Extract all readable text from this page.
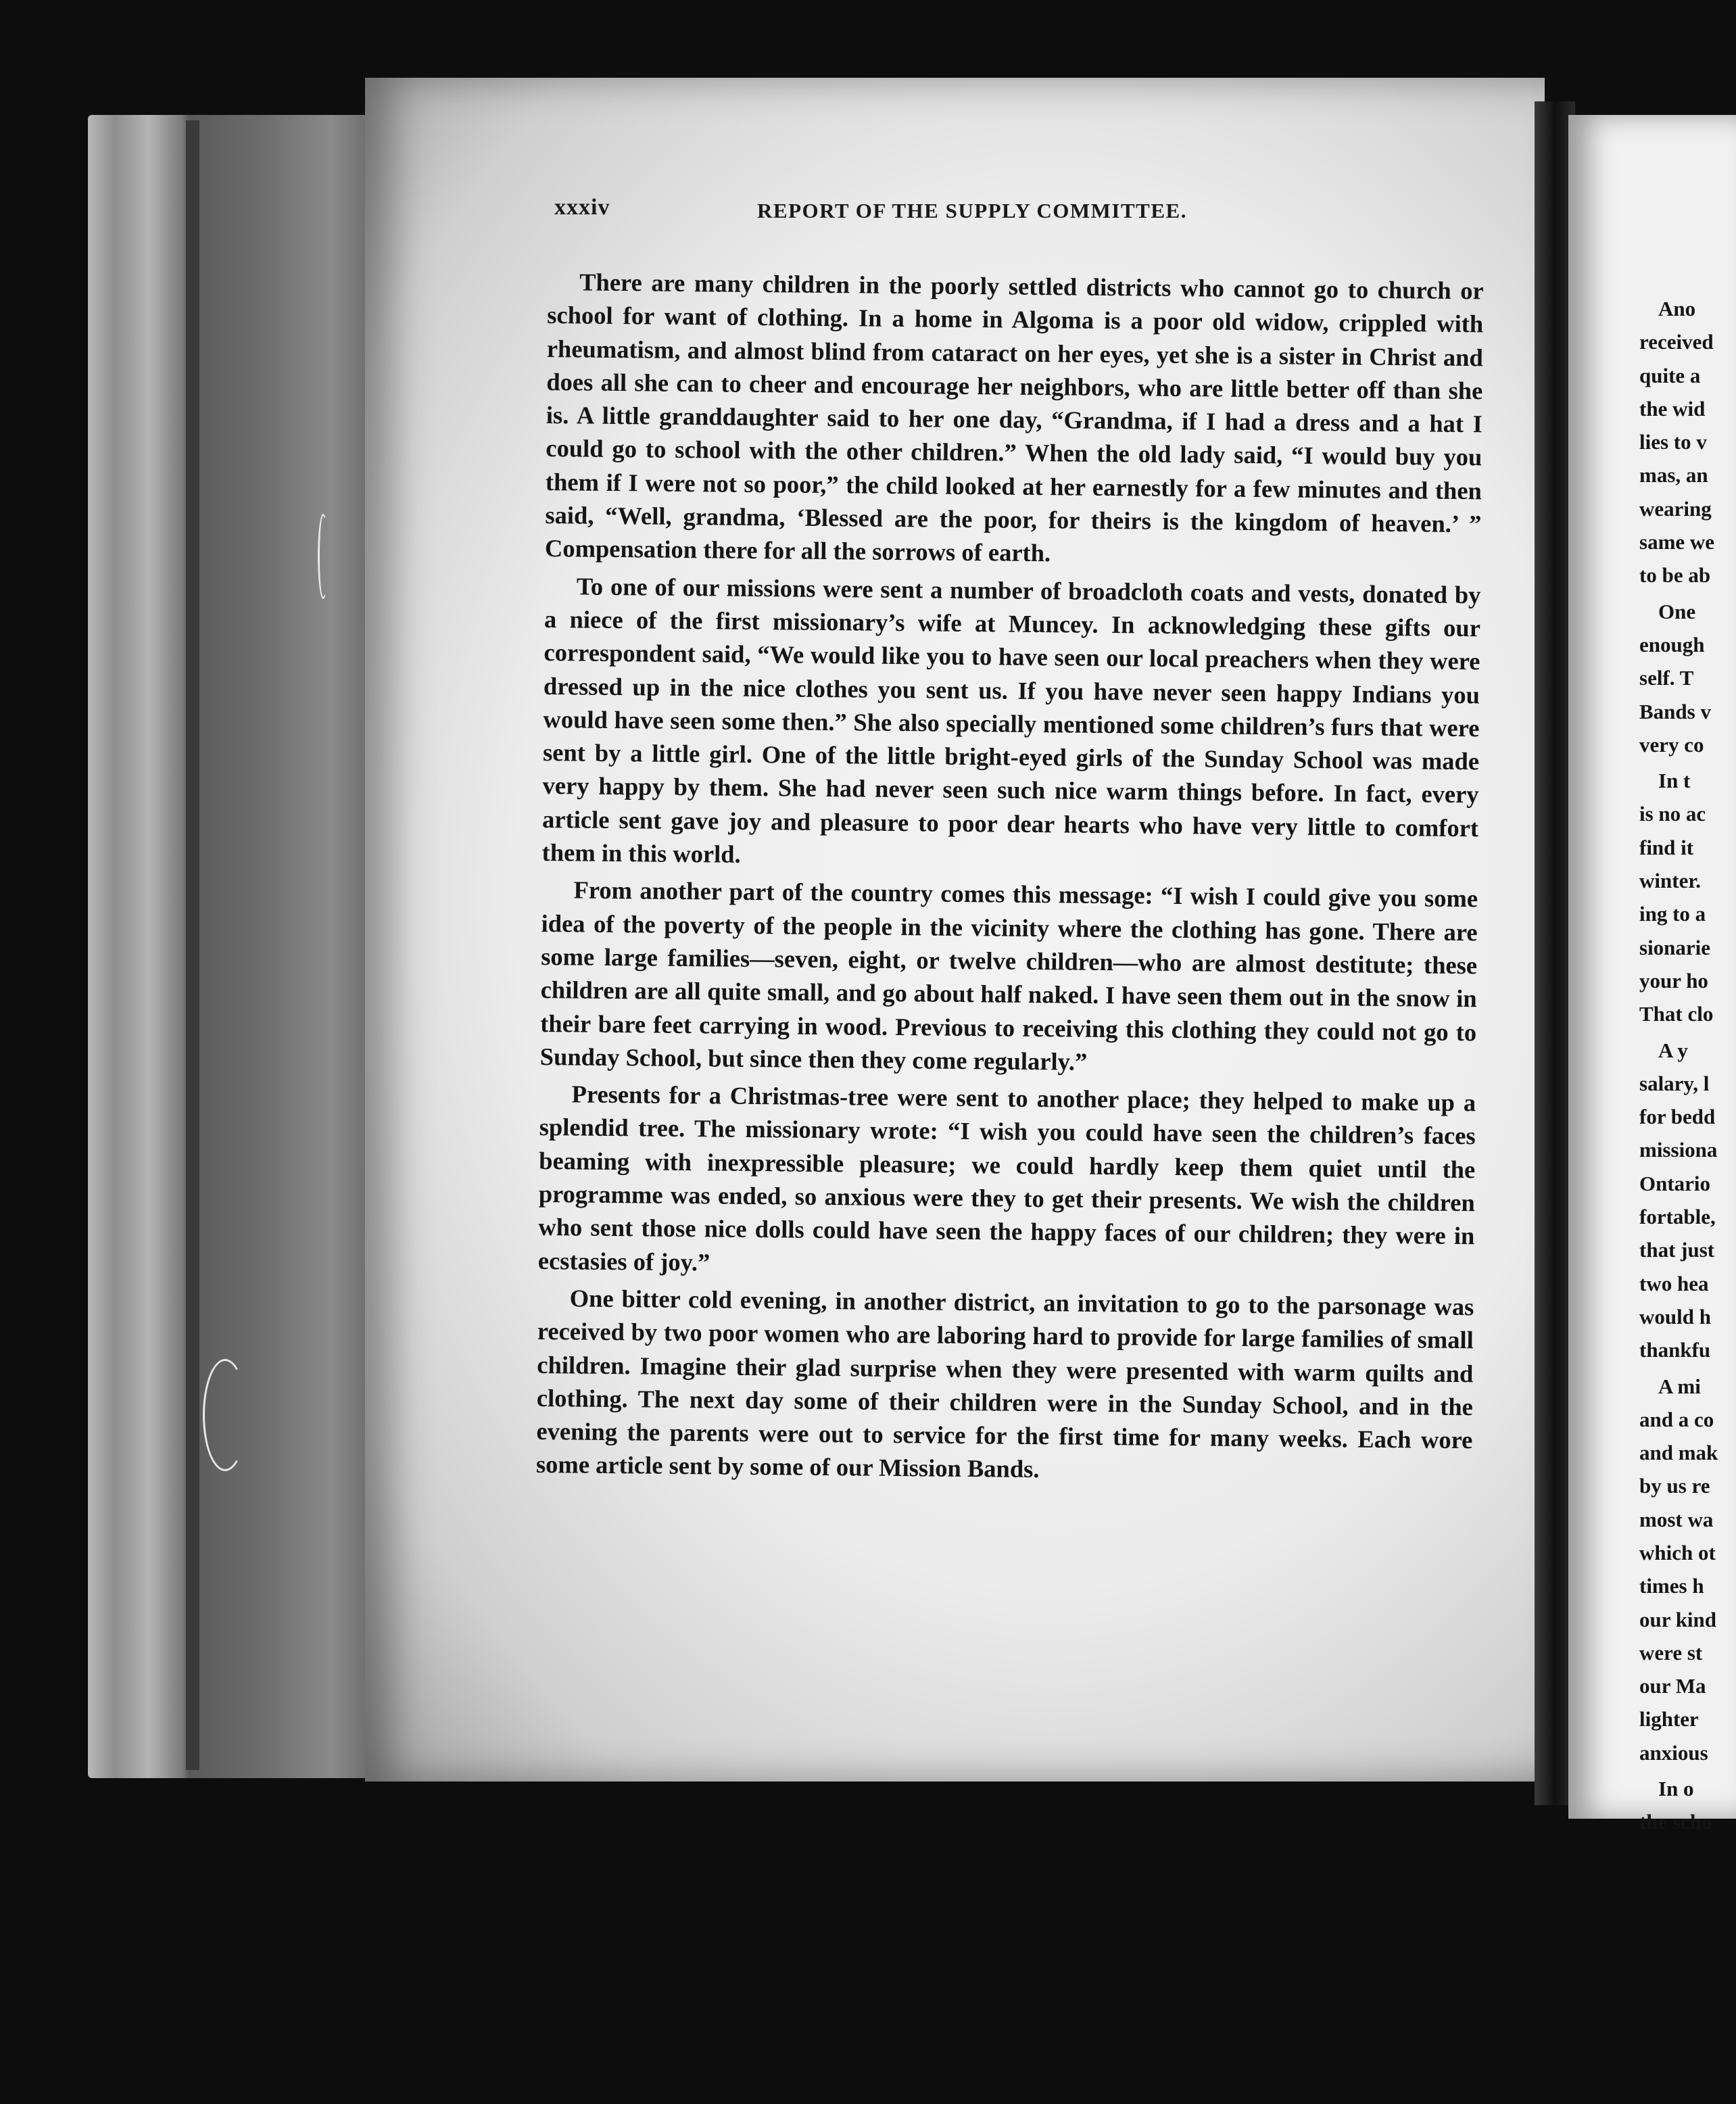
xxxiv	REPORT OF THE SUPPLY COMMITTEE.

There are many children in the poorly settled districts who cannot go to church or school for want of clothing. In a home in Algoma is a poor old widow, crippled with rheumatism, and almost blind from cataract on her eyes, yet she is a sister in Christ and does all she can to cheer and encourage her neighbors, who are little better off than she is. A little granddaughter said to her one day, “Grandma, if I had a dress and a hat I could go to school with the other children.” When the old lady said, “I would buy you them if I were not so poor,” the child looked at her earnestly for a few minutes and then said, “Well, grandma, ‘Blessed are the poor, for theirs is the kingdom of heaven.’ ” Compensation there for all the sorrows of earth.

To one of our missions were sent a number of broadcloth coats and vests, donated by a niece of the first missionary’s wife at Muncey. In acknowledging these gifts our correspondent said, “We would like you to have seen our local preachers when they were dressed up in the nice clothes you sent us. If you have never seen happy Indians you would have seen some then.” She also specially mentioned some children’s furs that were sent by a little girl. One of the little bright-eyed girls of the Sunday School was made very happy by them. She had never seen such nice warm things before. In fact, every article sent gave joy and pleasure to poor dear hearts who have very little to comfort them in this world.

From another part of the country comes this message: “I wish I could give you some idea of the poverty of the people in the vicinity where the clothing has gone. There are some large families—seven, eight, or twelve children—who are almost destitute; these children are all quite small, and go about half naked. I have seen them out in the snow in their bare feet carrying in wood. Previous to receiving this clothing they could not go to Sunday School, but since then they come regularly.”

Presents for a Christmas-tree were sent to another place; they helped to make up a splendid tree. The missionary wrote: “I wish you could have seen the children’s faces beaming with inexpressible pleasure; we could hardly keep them quiet until the programme was ended, so anxious were they to get their presents. We wish the children who sent those nice dolls could have seen the happy faces of our children; they were in ecstasies of joy.”

One bitter cold evening, in another district, an invitation to go to the parsonage was received by two poor women who are laboring hard to provide for large families of small children. Imagine their glad surprise when they were presented with warm quilts and clothing. The next day some of their children were in the Sunday School, and in the evening the parents were out to service for the first time for many weeks. Each wore some article sent by some of our Mission Bands.

Ano
received
quite a
the wid
lies to v
mas, an
wearing
same we
to be ab
One
enough
self. T
Bands v
very co
In t
is no ac
find it
winter.
ing to a
sionarie
your ho
That clo
A y
salary, l
for bedd
missiona
Ontario
fortable,
that just
two hea
would h
thankfu
A mi
and a co
and mak
by us re
most wa
which ot
times h
our kind
were st
our Ma
lighter
anxious
In o
the scho
